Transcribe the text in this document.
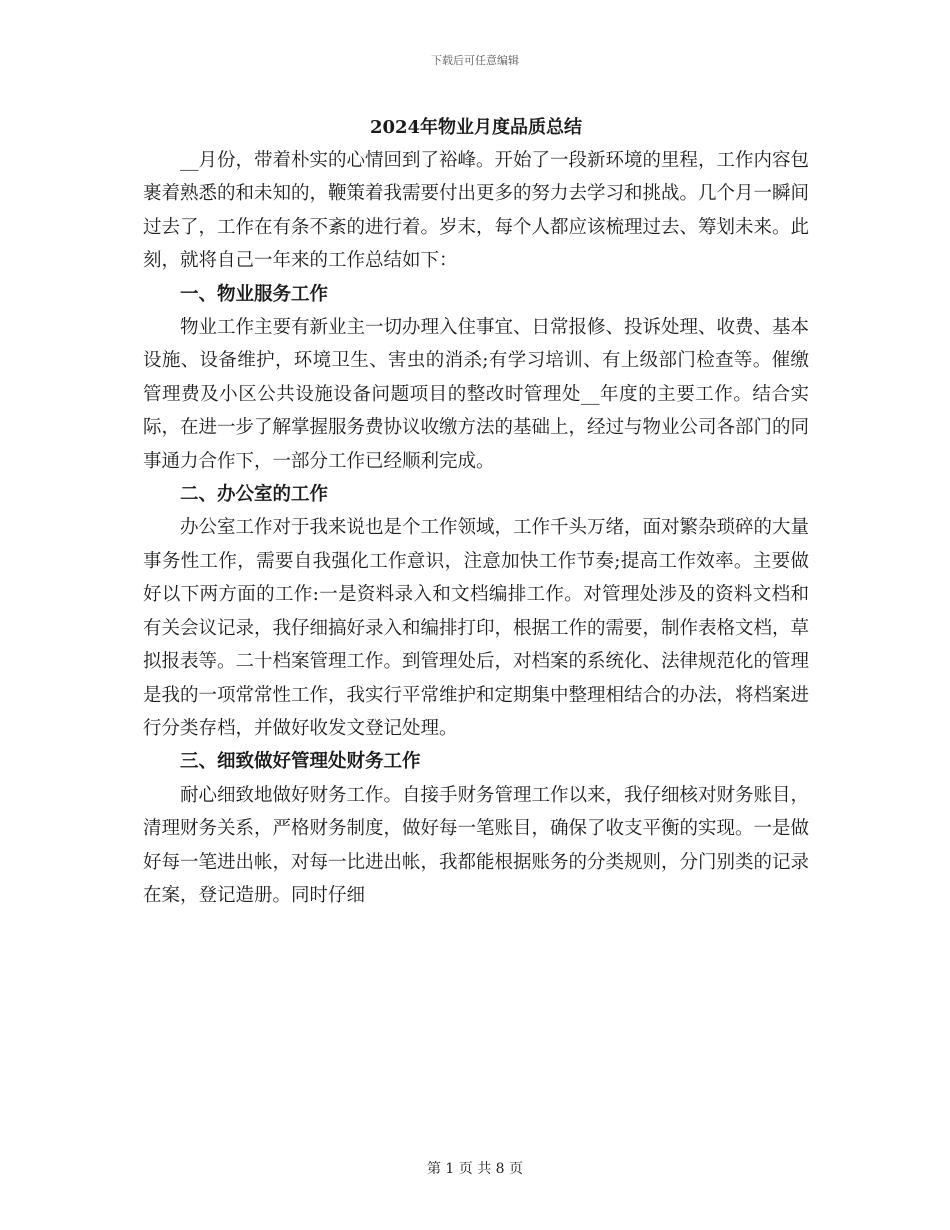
下载后可任意编辑
2024年物业月度品质总结

__月份，带着朴实的心情回到了裕峰。开始了一段新环境的里程，工作内容包裹着熟悉的和未知的，鞭策着我需要付出更多的努力去学习和挑战。几个月一瞬间过去了，工作在有条不紊的进行着。岁末，每个人都应该梳理过去、筹划未来。此刻，就将自己一年来的工作总结如下：

一、物业服务工作

物业工作主要有新业主一切办理入住事宜、日常报修、投诉处理、收费、基本设施、设备维护，环境卫生、害虫的消杀;有学习培训、有上级部门检查等。催缴管理费及小区公共设施设备问题项目的整改时管理处__年度的主要工作。结合实际，在进一步了解掌握服务费协议收缴方法的基础上，经过与物业公司各部门的同事通力合作下，一部分工作已经顺利完成。

二、办公室的工作

办公室工作对于我来说也是个工作领域，工作千头万绪，面对繁杂琐碎的大量事务性工作，需要自我强化工作意识，注意加快工作节奏;提高工作效率。主要做好以下两方面的工作:一是资料录入和文档编排工作。对管理处涉及的资料文档和有关会议记录，我仔细搞好录入和编排打印，根据工作的需要，制作表格文档，草拟报表等。二十档案管理工作。到管理处后，对档案的系统化、法律规范化的管理是我的一项常常性工作，我实行平常维护和定期集中整理相结合的办法，将档案进行分类存档，并做好收发文登记处理。

三、细致做好管理处财务工作

耐心细致地做好财务工作。自接手财务管理工作以来，我仔细核对财务账目，清理财务关系，严格财务制度，做好每一笔账目，确保了收支平衡的实现。一是做好每一笔进出帐，对每一比进出帐，我都能根据账务的分类规则，分门别类的记录在案，登记造册。同时仔细

第 1 页 共 8 页
